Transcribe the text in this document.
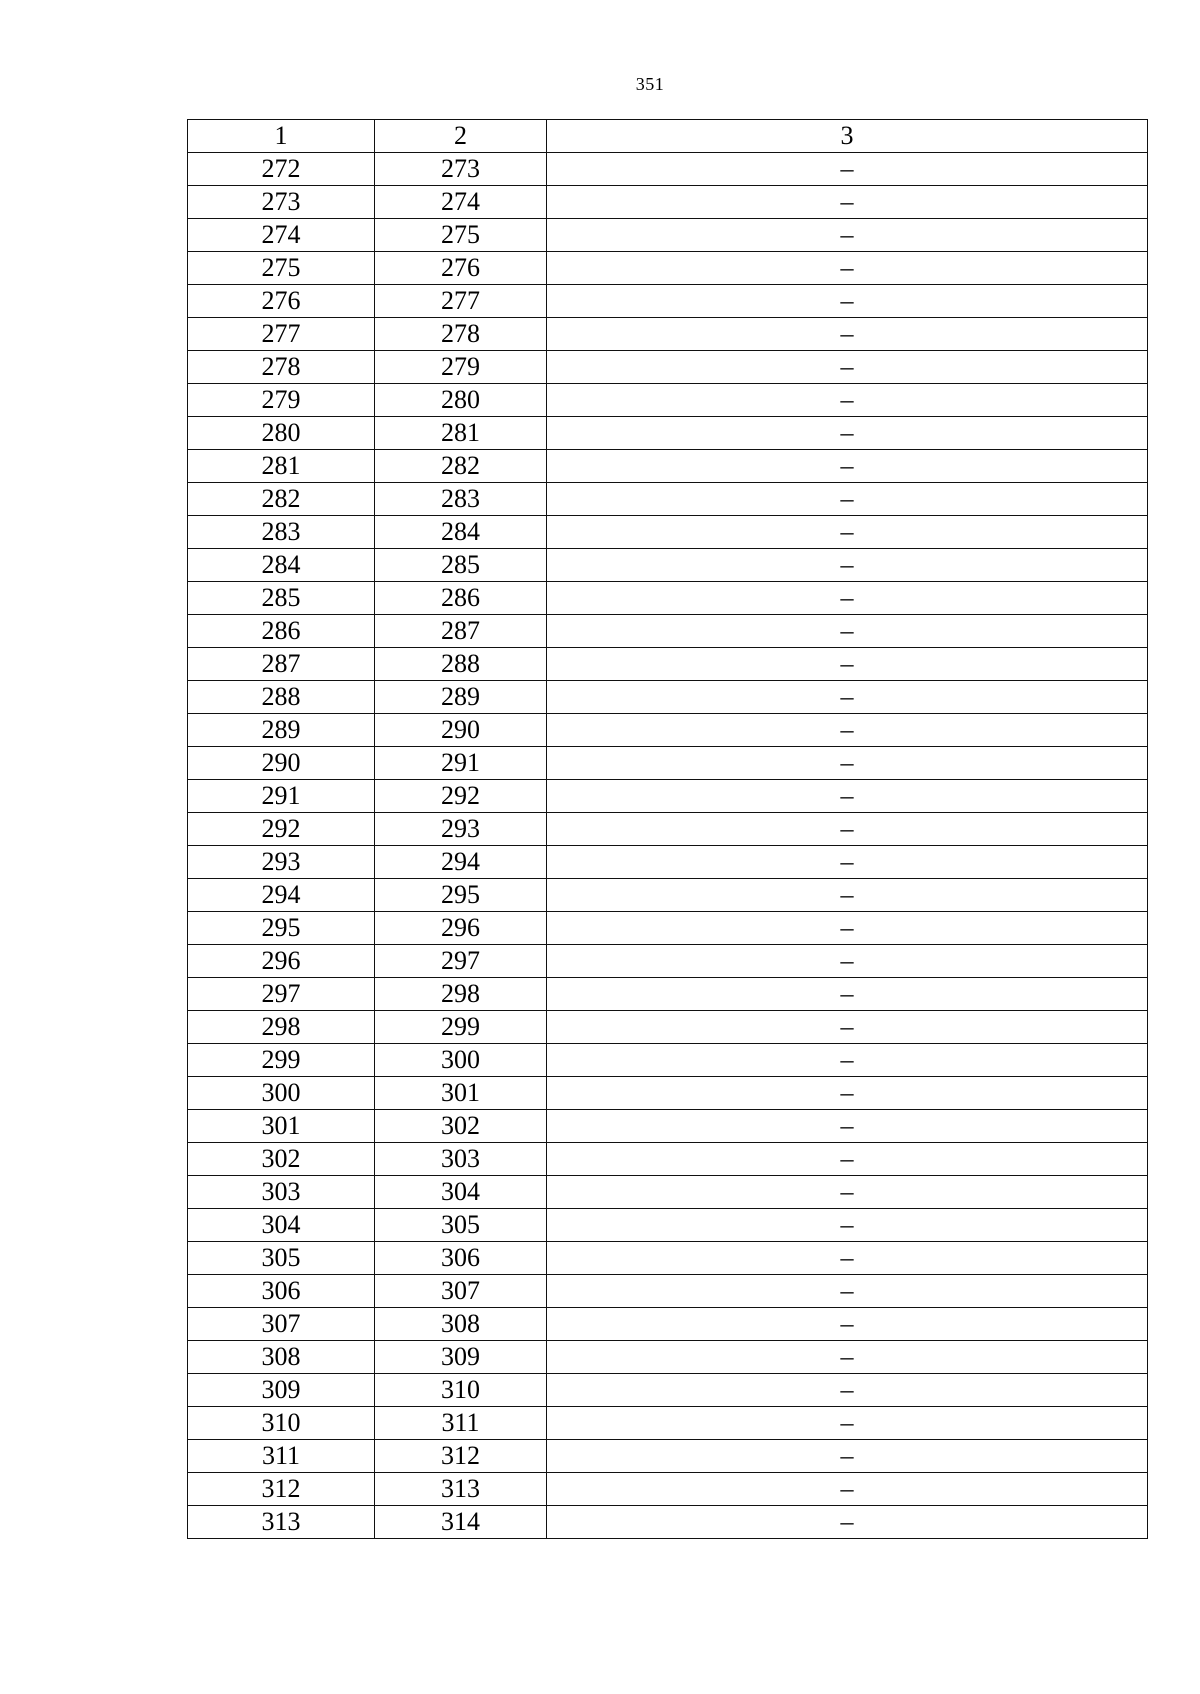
351
1	2	3
272	273	–
273	274	–
274	275	–
275	276	–
276	277	–
277	278	–
278	279	–
279	280	–
280	281	–
281	282	–
282	283	–
283	284	–
284	285	–
285	286	–
286	287	–
287	288	–
288	289	–
289	290	–
290	291	–
291	292	–
292	293	–
293	294	–
294	295	–
295	296	–
296	297	–
297	298	–
298	299	–
299	300	–
300	301	–
301	302	–
302	303	–
303	304	–
304	305	–
305	306	–
306	307	–
307	308	–
308	309	–
309	310	–
310	311	–
311	312	–
312	313	–
313	314	–
